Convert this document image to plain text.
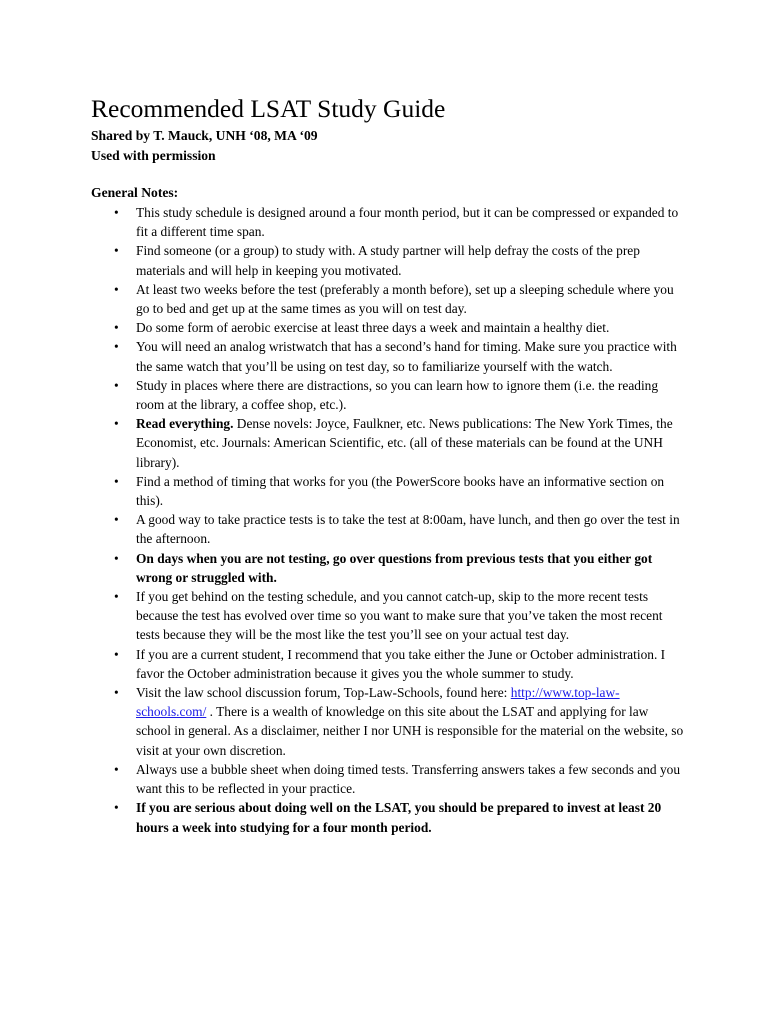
Recommended LSAT Study Guide

Shared by T. Mauck, UNH ‘08, MA ‘09

Used with permission

General Notes:

•	This study schedule is designed around a four month period, but it can be compressed or expanded to fit a different time span.
•	Find someone (or a group) to study with. A study partner will help defray the costs of the prep materials and will help in keeping you motivated.
•	At least two weeks before the test (preferably a month before), set up a sleeping schedule where you go to bed and get up at the same times as you will on test day.
•	Do some form of aerobic exercise at least three days a week and maintain a healthy diet.
•	You will need an analog wristwatch that has a second’s hand for timing. Make sure you practice with the same watch that you’ll be using on test day, so to familiarize yourself with the watch.
•	Study in places where there are distractions, so you can learn how to ignore them (i.e. the reading room at the library, a coffee shop, etc.).
•	Read everything. Dense novels: Joyce, Faulkner, etc. News publications: The New York Times, the Economist, etc. Journals: American Scientific, etc. (all of these materials can be found at the UNH library).
•	Find a method of timing that works for you (the PowerScore books have an informative section on this).
•	A good way to take practice tests is to take the test at 8:00am, have lunch, and then go over the test in the afternoon.
•	On days when you are not testing, go over questions from previous tests that you either got wrong or struggled with.
•	If you get behind on the testing schedule, and you cannot catch-up, skip to the more recent tests because the test has evolved over time so you want to make sure that you’ve taken the most recent tests because they will be the most like the test you’ll see on your actual test day.
•	If you are a current student, I recommend that you take either the June or October administration. I favor the October administration because it gives you the whole summer to study.
•	Visit the law school discussion forum, Top-Law-Schools, found here: http://www.top-law-schools.com/ . There is a wealth of knowledge on this site about the LSAT and applying for law school in general. As a disclaimer, neither I nor UNH is responsible for the material on the website, so visit at your own discretion.
•	Always use a bubble sheet when doing timed tests. Transferring answers takes a few seconds and you want this to be reflected in your practice.
•	If you are serious about doing well on the LSAT, you should be prepared to invest at least 20 hours a week into studying for a four month period.
